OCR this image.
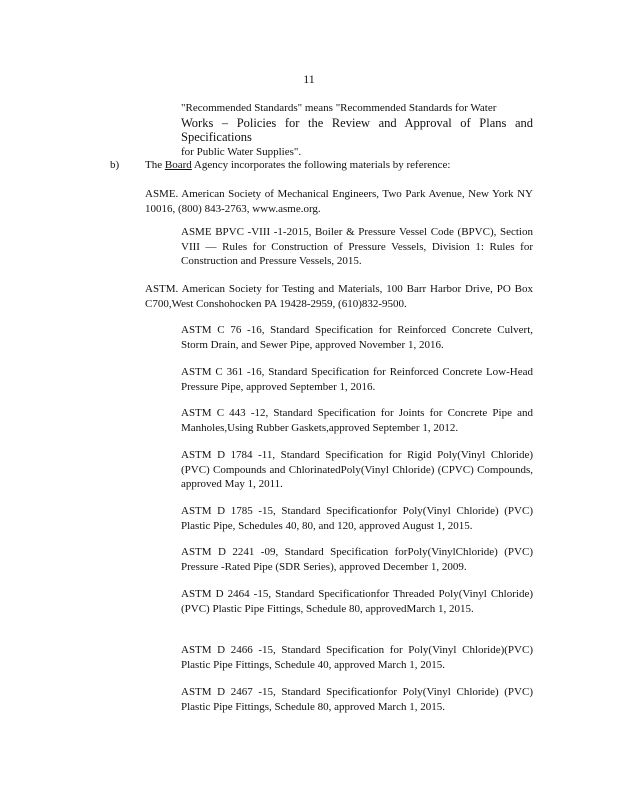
11
"Recommended Standards" means "Recommended Standards for Water
Works – Policies for the Review and Approval of Plans and Specifications
for Public Water Supplies".
b) The Board Agency incorporates the following materials by reference:
ASME. American Society of Mechanical Engineers, Two Park Avenue, New York NY 10016, (800) 843-2763, www.asme.org.
ASME BPVC -VIII -1-2015, Boiler & Pressure Vessel Code (BPVC), Section VIII — Rules for Construction of Pressure Vessels, Division 1: Rules for Construction and Pressure Vessels, 2015.
ASTM. American Society for Testing and Materials, 100 Barr Harbor Drive, PO Box C700,West Conshohocken PA 19428-2959, (610)832-9500.
ASTM C 76 -16, Standard Specification for Reinforced Concrete Culvert, Storm Drain, and Sewer Pipe, approved November 1, 2016.
ASTM C 361 -16, Standard Specification for Reinforced Concrete Low-Head Pressure Pipe, approved September 1, 2016.
ASTM C 443 -12, Standard Specification for Joints for Concrete Pipe and Manholes,Using Rubber Gaskets,approved September 1, 2012.
ASTM D 1784 -11, Standard Specification for Rigid Poly(Vinyl Chloride) (PVC) Compounds and ChlorinatedPoly(Vinyl Chloride) (CPVC) Compounds, approved May 1, 2011.
ASTM D 1785 -15, Standard Specificationfor Poly(Vinyl Chloride) (PVC) Plastic Pipe, Schedules 40, 80, and 120, approved August 1, 2015.
ASTM D 2241 -09, Standard Specification forPoly(VinylChloride) (PVC) Pressure -Rated Pipe (SDR Series), approved December 1, 2009.
ASTM D 2464 -15, Standard Specificationfor Threaded Poly(Vinyl Chloride) (PVC) Plastic Pipe Fittings, Schedule 80, approvedMarch 1, 2015.
ASTM D 2466 -15, Standard Specification for Poly(Vinyl Chloride)(PVC) Plastic Pipe Fittings, Schedule 40, approved March 1, 2015.
ASTM D 2467 -15, Standard Specificationfor Poly(Vinyl Chloride) (PVC) Plastic Pipe Fittings, Schedule 80, approved March 1, 2015.
